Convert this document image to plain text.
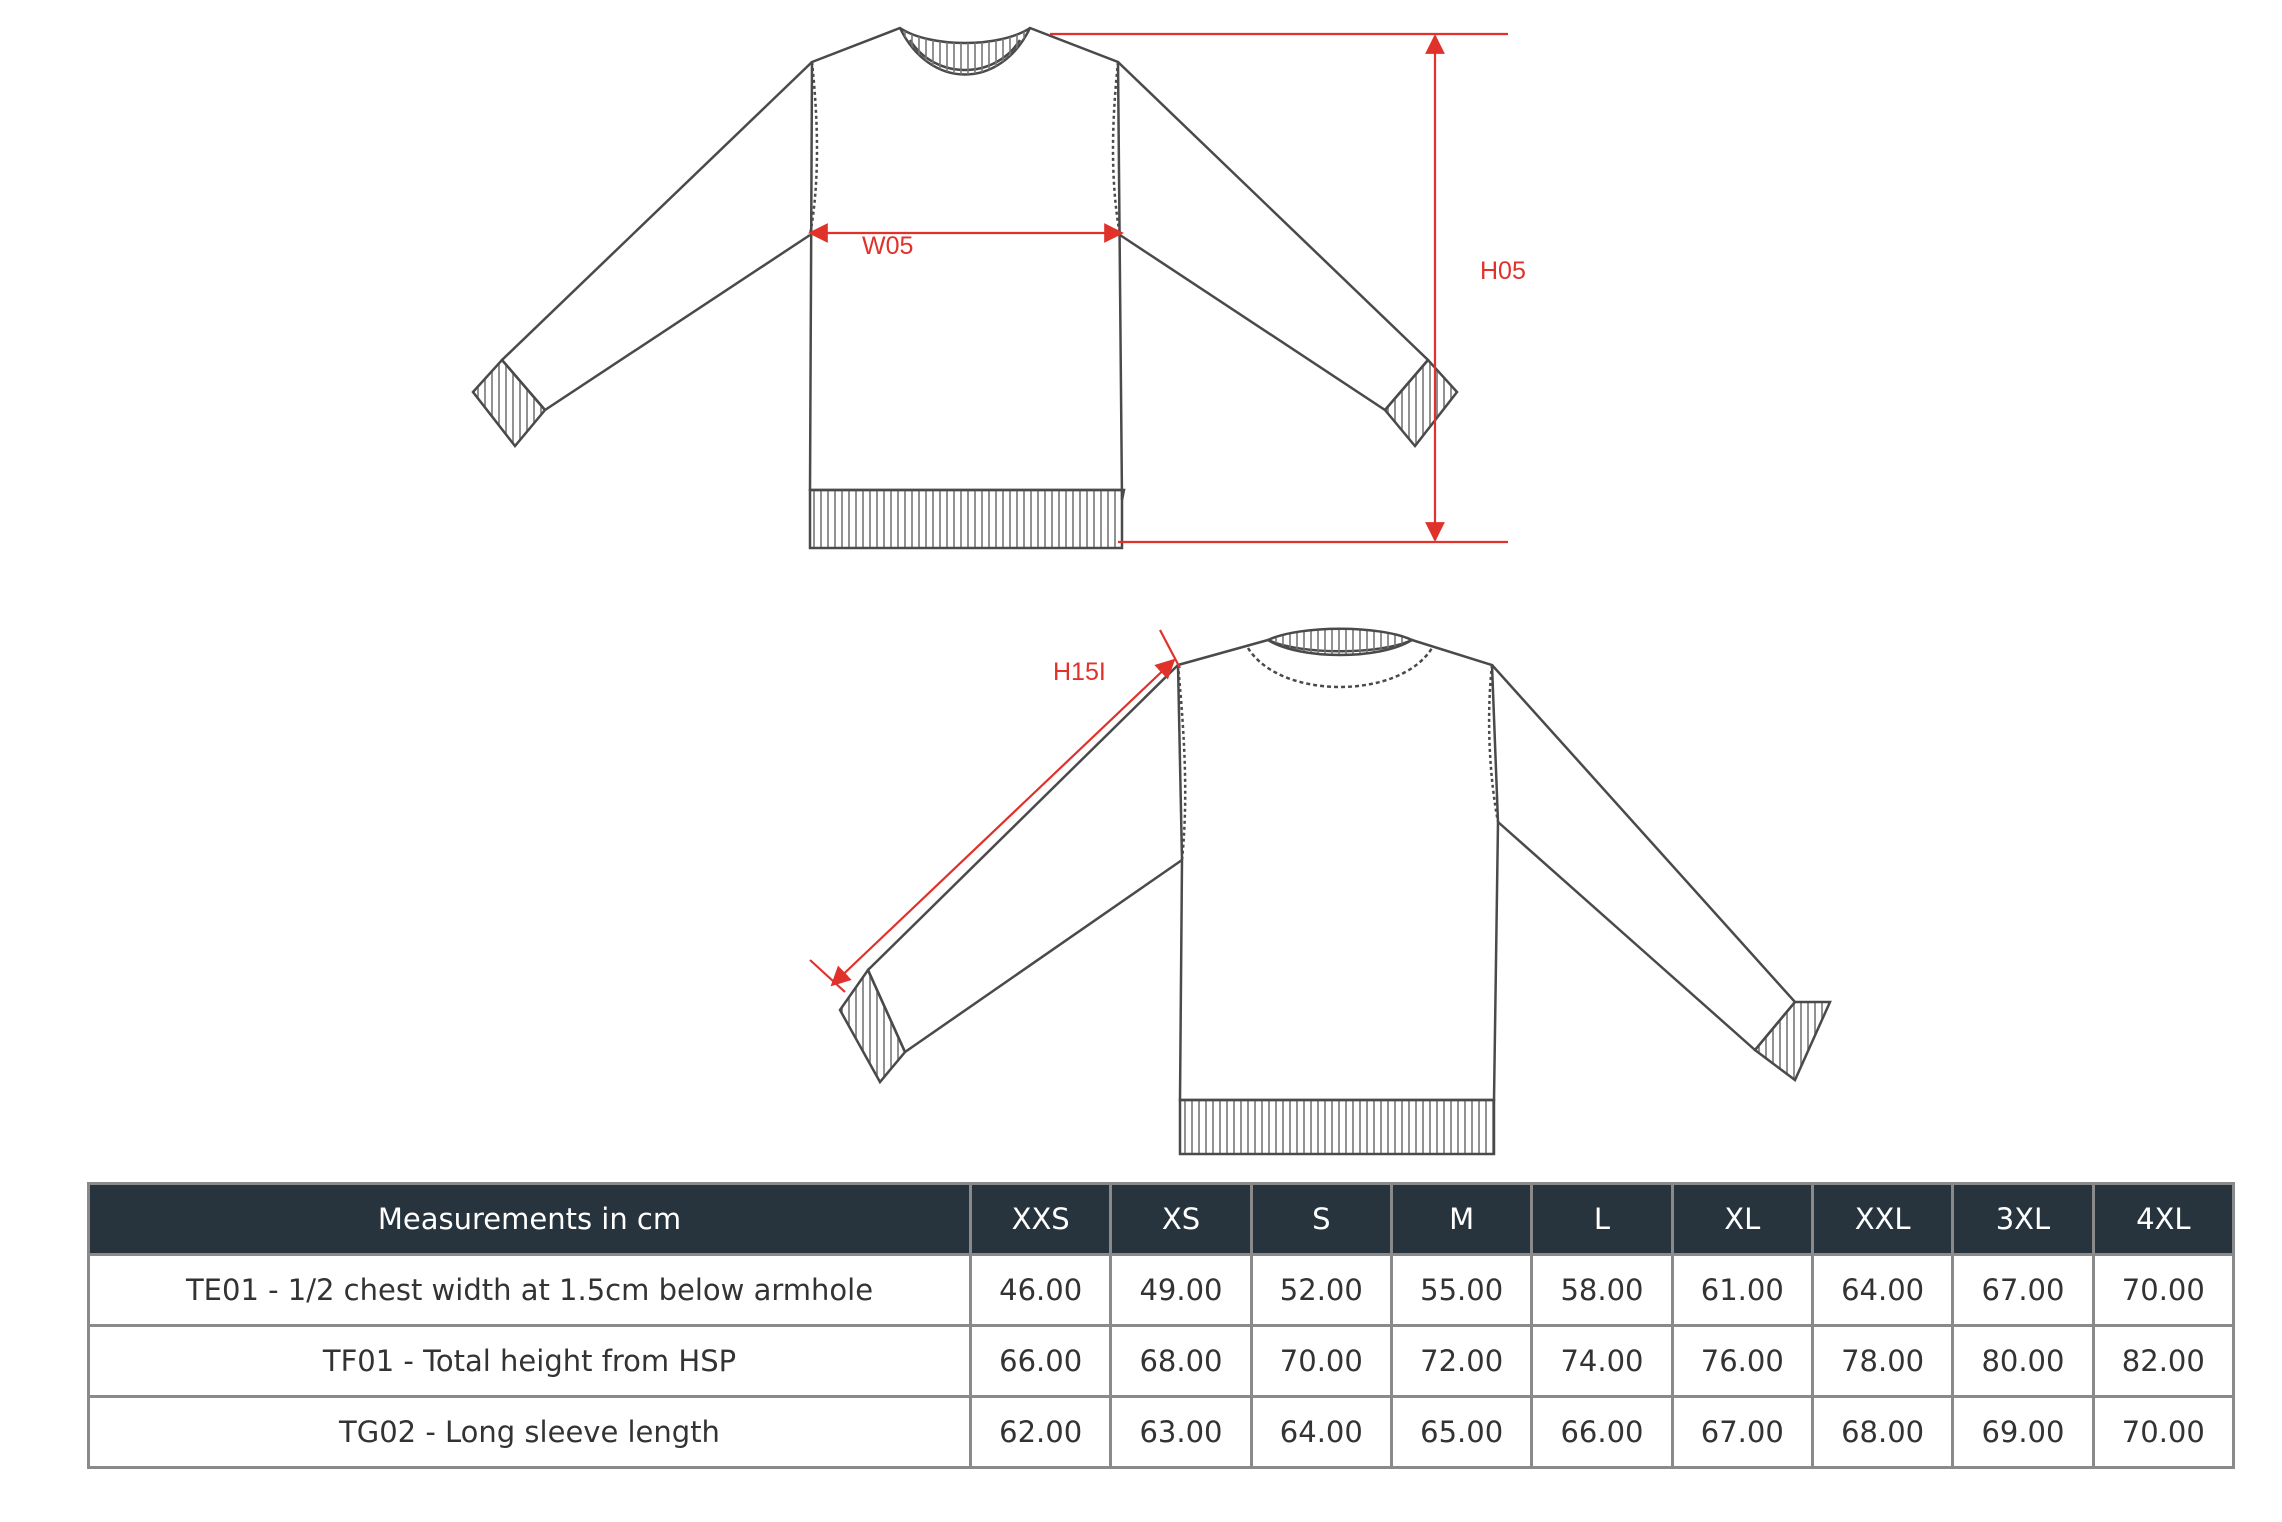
W05
H05
H15I
Measurements in cm	XXS	XS	S	M	L	XL	XXL	3XL	4XL
TE01 - 1/2 chest width at 1.5cm below armhole	46.00	49.00	52.00	55.00	58.00	61.00	64.00	67.00	70.00
TF01 - Total height from HSP	66.00	68.00	70.00	72.00	74.00	76.00	78.00	80.00	82.00
TG02 - Long sleeve length	62.00	63.00	64.00	65.00	66.00	67.00	68.00	69.00	70.00
